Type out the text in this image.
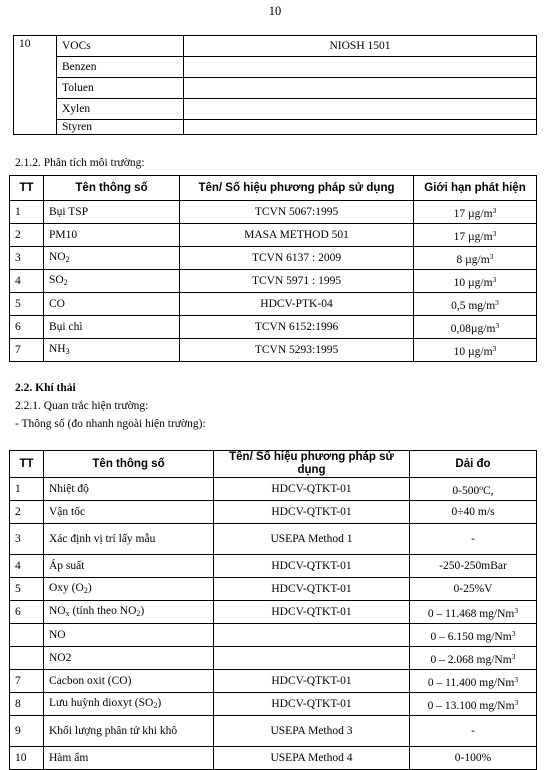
10
10	VOCs	NIOSH 1501
	Benzen	
	Toluen	
	Xylen	
	Styren	
2.1.2. Phân tích môi trường:
TT	Tên thông số	Tên/ Số hiệu phương pháp sử dụng	Giới hạn phát hiện
1	Bụi TSP	TCVN 5067:1995	17 $\mu g/m^3$
2	PM10	MASA METHOD 501	17 $\mu g/m^3$
3	$NO_2$	TCVN 6137 : 2009	8 $\mu g/m^3$
4	$SO_2$	TCVN 5971 : 1995	10 $\mu g/m^3$
5	CO	HDCV-PTK-04	0,5 $mg/m^3$
6	Bụi chì	TCVN 6152:1996	$0,08\mu g/m^3$
7	$NH_3$	TCVN 5293:1995	10 $\mu g/m^3$
2.2. Khí thải
2.2.1. Quan trắc hiện trường:
- Thông số (đo nhanh ngoài hiện trường):
TT	Tên thông số	Tên/ Số hiệu phương pháp sử dụng	Dải đo
1	Nhiệt độ	HDCV-QTKT-01	0-500$^o$C,
2	Vận tốc	HDCV-QTKT-01	0÷40 m/s
3	Xác định vị trí lấy mẫu	USEPA Method 1	-
4	Áp suất	HDCV-QTKT-01	-250-250mBar
5	Oxy $(O_2)$	HDCV-QTKT-01	0-25%V
6	$NO_x$ (tính theo $NO_2$)	HDCV-QTKT-01	0 – 11.468 mg/Nm$^3$
	NO		0 – 6.150 mg/Nm$^3$
	NO2		0 – 2.068 mg/Nm$^3$
7	Cacbon oxit (CO)	HDCV-QTKT-01	0 – 11.400 mg/Nm$^3$
8	Lưu huỳnh dioxyt $(SO_2)$	HDCV-QTKT-01	0 – 13.100 mg/Nm$^3$
9	Khối lượng phân tử khi khô	USEPA Method 3	-
10	Hàm ẩm	USEPA Method 4	0-100%
